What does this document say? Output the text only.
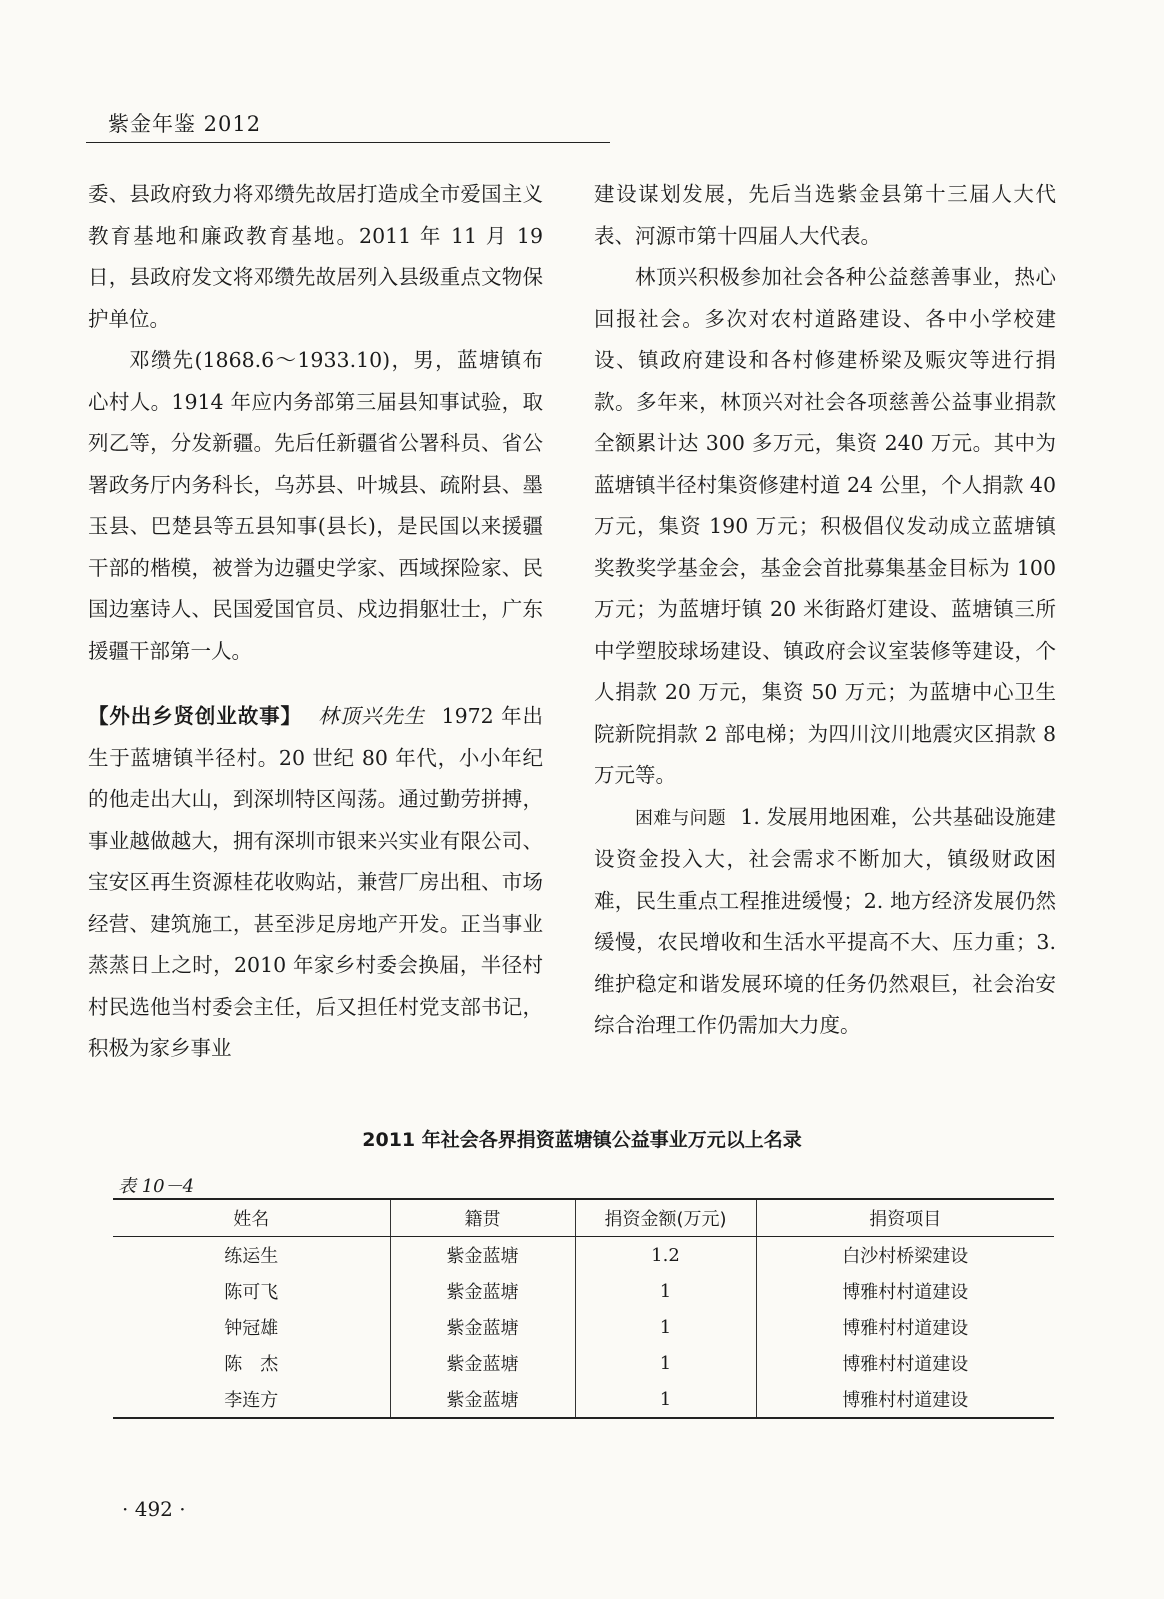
紫金年鉴 2012

委、县政府致力将邓缵先故居打造成全市爱国主义教育基地和廉政教育基地。2011 年 11 月 19 日，县政府发文将邓缵先故居列入县级重点文物保护单位。

邓缵先(1868.6～1933.10)，男，蓝塘镇布心村人。1914 年应内务部第三届县知事试验，取列乙等，分发新疆。先后任新疆省公署科员、省公署政务厅内务科长，乌苏县、叶城县、疏附县、墨玉县、巴楚县等五县知事(县长)，是民国以来援疆干部的楷模，被誉为边疆史学家、西域探险家、民国边塞诗人、民国爱国官员、戍边捐躯壮士，广东援疆干部第一人。

【外出乡贤创业故事】 林顶兴先生 1972 年出生于蓝塘镇半径村。20 世纪 80 年代，小小年纪的他走出大山，到深圳特区闯荡。通过勤劳拼搏，事业越做越大，拥有深圳市银来兴实业有限公司、宝安区再生资源桂花收购站，兼营厂房出租、市场经营、建筑施工，甚至涉足房地产开发。正当事业蒸蒸日上之时，2010 年家乡村委会换届，半径村村民选他当村委会主任，后又担任村党支部书记，积极为家乡事业

建设谋划发展，先后当选紫金县第十三届人大代表、河源市第十四届人大代表。

林顶兴积极参加社会各种公益慈善事业，热心回报社会。多次对农村道路建设、各中小学校建设、镇政府建设和各村修建桥梁及赈灾等进行捐款。多年来，林顶兴对社会各项慈善公益事业捐款全额累计达 300 多万元，集资 240 万元。其中为蓝塘镇半径村集资修建村道 24 公里，个人捐款 40 万元，集资 190 万元；积极倡仪发动成立蓝塘镇奖教奖学基金会，基金会首批募集基金目标为 100 万元；为蓝塘圩镇 20 米街路灯建设、蓝塘镇三所中学塑胶球场建设、镇政府会议室装修等建设，个人捐款 20 万元，集资 50 万元；为蓝塘中心卫生院新院捐款 2 部电梯；为四川汶川地震灾区捐款 8 万元等。

困难与问题 1. 发展用地困难，公共基础设施建设资金投入大，社会需求不断加大，镇级财政困难，民生重点工程推进缓慢；2. 地方经济发展仍然缓慢，农民增收和生活水平提高不大、压力重；3. 维护稳定和谐发展环境的任务仍然艰巨，社会治安综合治理工作仍需加大力度。

2011 年社会各界捐资蓝塘镇公益事业万元以上名录
表 10－4
姓名	籍贯	捐资金额(万元)	捐资项目
练运生	紫金蓝塘	1.2	白沙村桥梁建设
陈可飞	紫金蓝塘	1	博雅村村道建设
钟冠雄	紫金蓝塘	1	博雅村村道建设
陈　杰	紫金蓝塘	1	博雅村村道建设
李连方	紫金蓝塘	1	博雅村村道建设
· 492 ·
